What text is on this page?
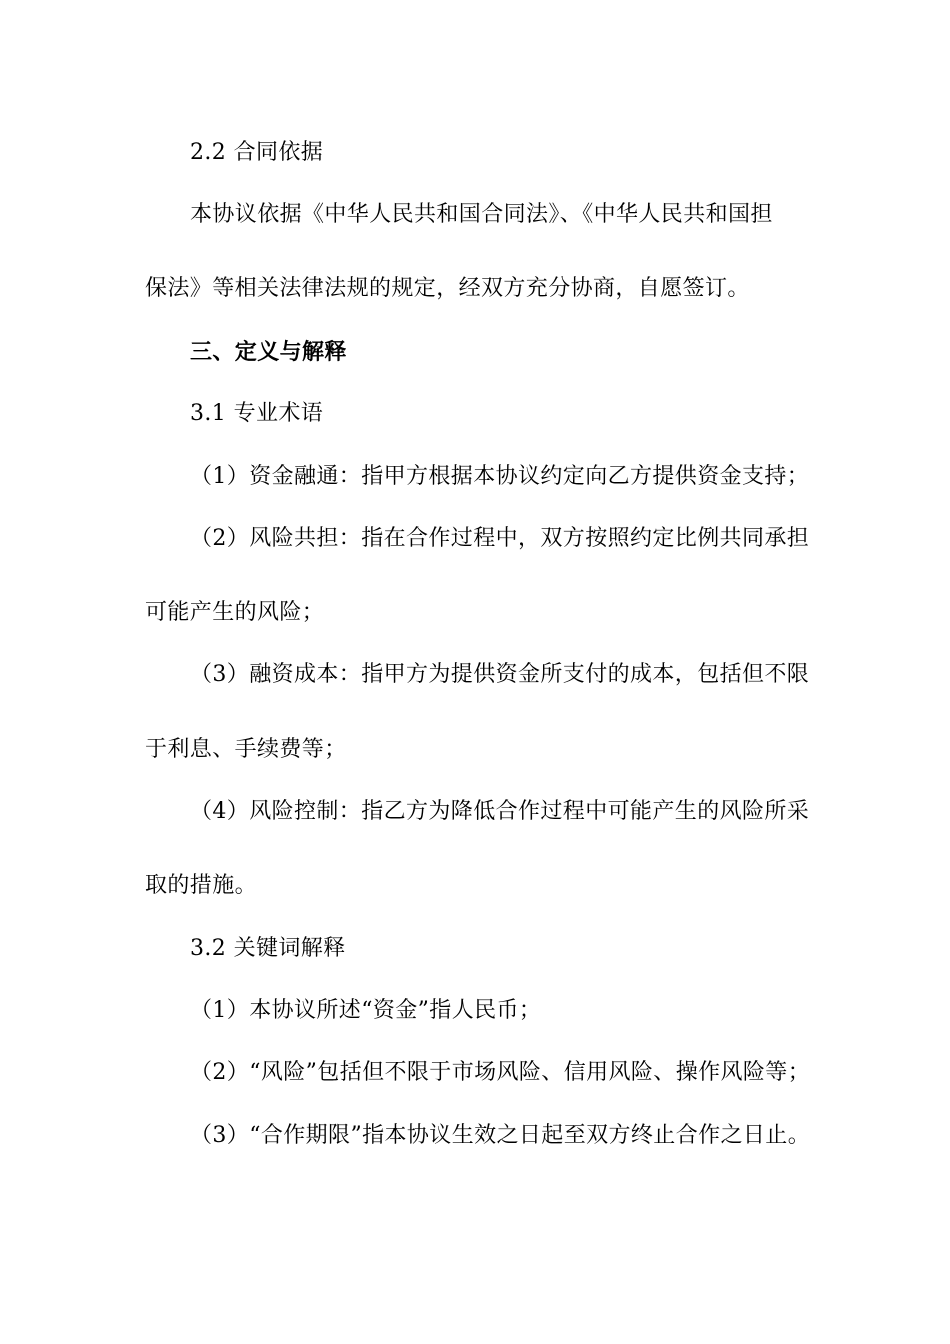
2.2 合同依据
本协议依据《中华人民共和国合同法》、《中华人民共和国担
保法》等相关法律法规的规定，经双方充分协商，自愿签订。
三、定义与解释
3.1 专业术语
（1）资金融通：指甲方根据本协议约定向乙方提供资金支持；
（2）风险共担：指在合作过程中，双方按照约定比例共同承担
可能产生的风险；
（3）融资成本：指甲方为提供资金所支付的成本，包括但不限
于利息、手续费等；
（4）风险控制：指乙方为降低合作过程中可能产生的风险所采
取的措施。
3.2 关键词解释
（1）本协议所述“资金”指人民币；
（2）“风险”包括但不限于市场风险、信用风险、操作风险等；
（3）“合作期限”指本协议生效之日起至双方终止合作之日止。
